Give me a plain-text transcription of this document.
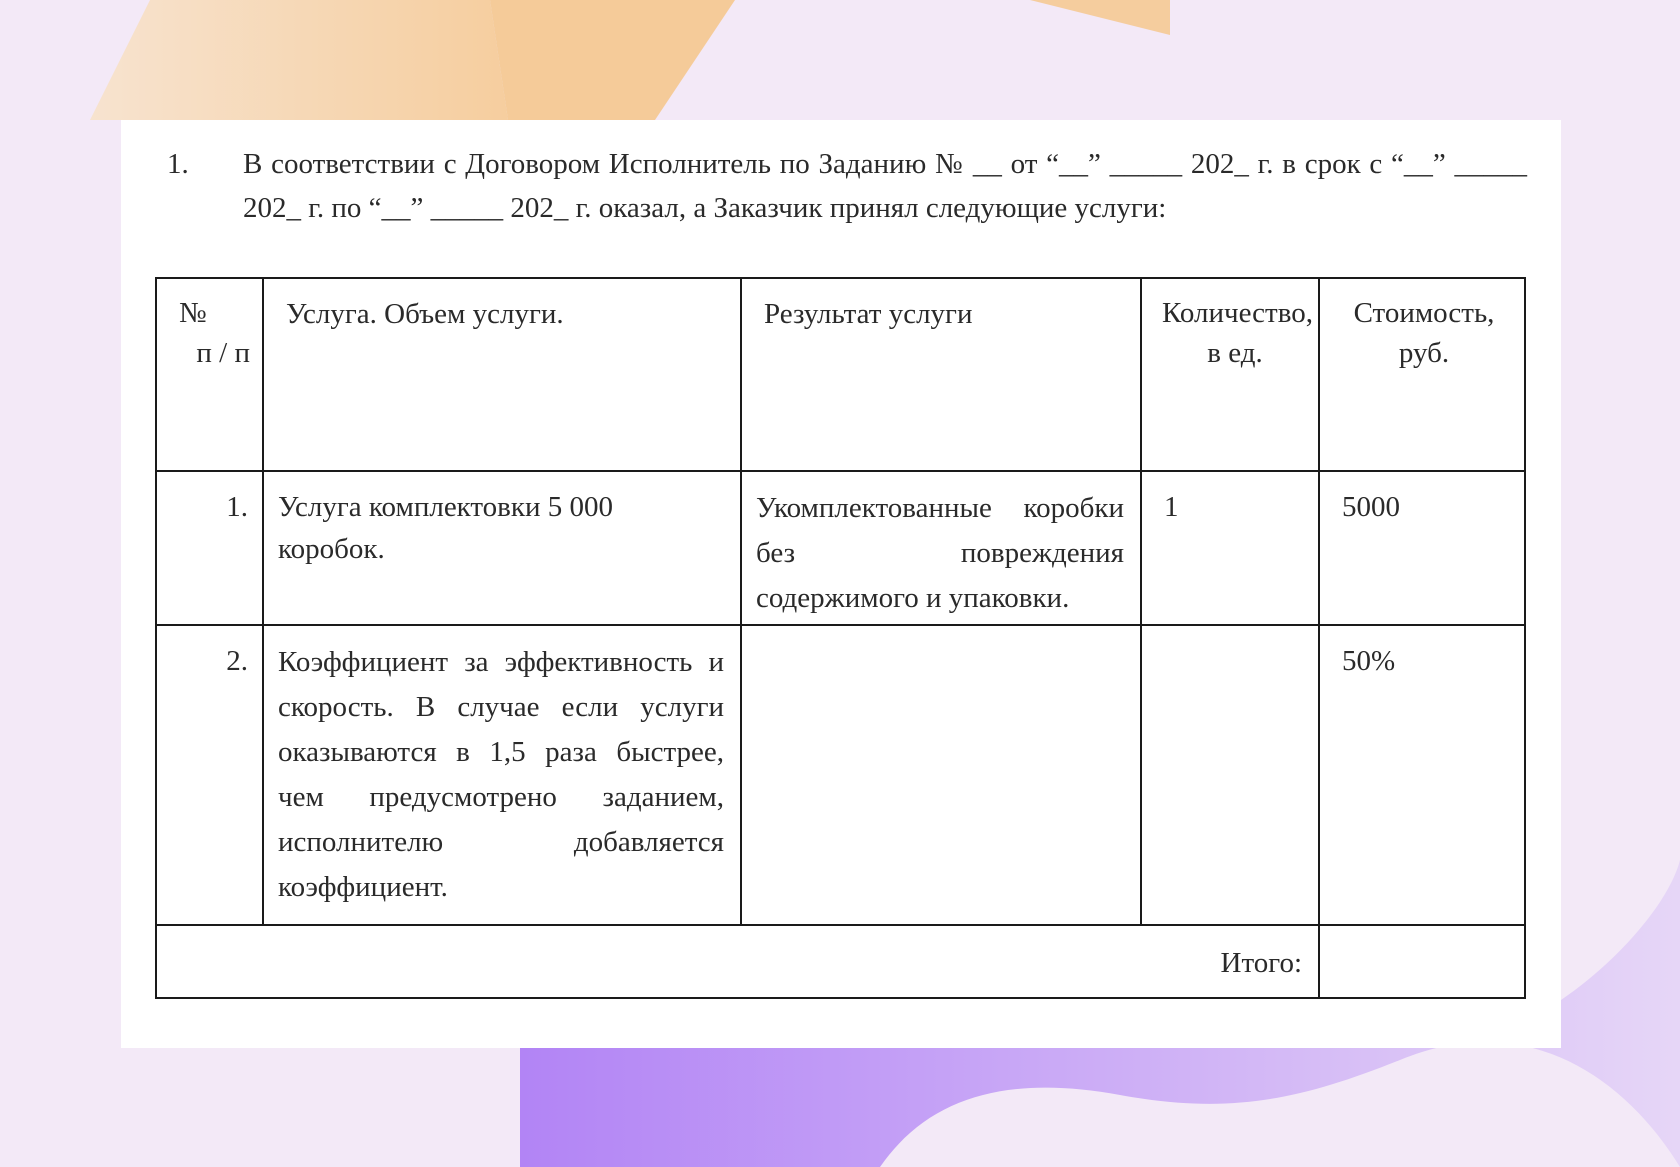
1. В соответствии с Договором Исполнитель по Заданию № __ от “__” _____ 202_ г. в срок с “__” _____ 202_ г. по “__” _____ 202_ г. оказал, а Заказчик принял следующие услуги:
№
п / п	Услуга. Объем услуги.	Результат услуги	Количество, в ед.	Стоимость, руб.
1.	Услуга комплектовки 5 000 коробок.	Укомплектованные коробки без повреждения содержимого и упаковки.	1	5000
2.	Коэффициент за эффективность и скорость. В случае если услуги оказываются в 1,5 раза быстрее, чем предусмотрено заданием, исполнителю добавляется коэффициент.			50%
Итого:				
